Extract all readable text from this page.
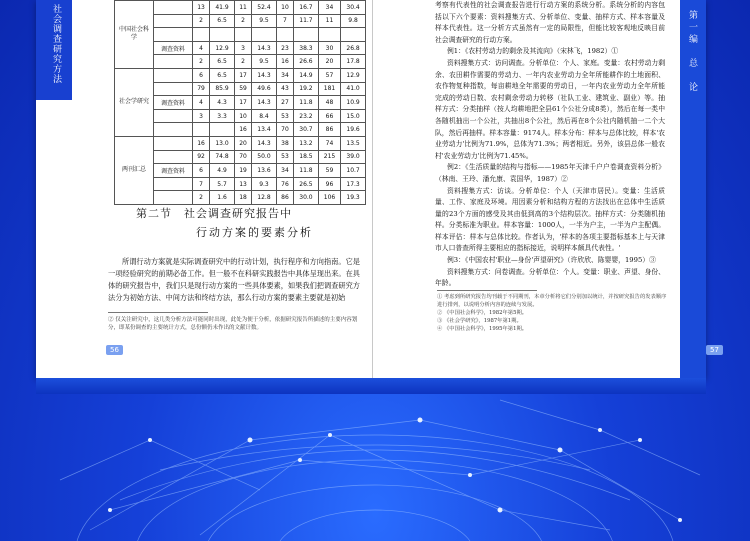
社会调查研究方法	中国社会科学		13	41.9	11	52.4	10	16.7	34	30.4
		2	6.5	2	9.5	7	11.7	11	9.8

	调查资料	4	12.9	3	14.3	23	38.3	30	26.8
		2	6.5	2	9.5	16	26.6	20	17.8
社会学研究		6	6.5	17	14.3	34	14.9	57	12.9
		79	85.9	59	49.6	43	19.2	181	41.0
	调查资料	4	4.3	17	14.3	27	11.8	48	10.9
		3	3.3	10	8.4	53	23.2	66	15.0
				16	13.4	70	30.7	86	19.6
两刊汇总		16	13.0	20	14.3	38	13.2	74	13.5
		92	74.8	70	50.0	53	18.5	215	39.0
	调查资料	6	4.9	19	13.6	34	11.8	59	10.7
		7	5.7	13	9.3	76	26.5	96	17.3
		2	1.6	18	12.8	86	30.0	106	19.3
第二节　社会调查研究报告中
行动方案的要素分析
所谓行动方案就是实际调查研究中的行动计划，执行程序和方向指南。它是一项经验研究的前期必备工作。但一般不在科研实践报告中具体呈现出来。在具体的研究报告中，我们只是现行动方案的一些具体要素，如果我们把调查研究方法分为初始方法、中间方法和终结方法，那么行动方案的要素主要就是初始
② 仅关注研究中，这几类分析方法可能同时出现，此处为便于分析，依据研究报告所描述的主要内容划分，即某份调查的主要统计方式，总份额仍未作出的文献计数。
56

考察有代表性的社会调查报告进行行动方案的系统分析。系统分析的内容包括以下六个要素：资料搜集方式、分析单位、变量、抽样方式、样本容量及样本代表性。这一分析方式虽然有一定的局限性，但能比较客观地反映目前社会调查研究的行动方案。

例1：《农村劳动力的剩余及其流向》（宋林飞，1982）①

资料搜集方式：访问调查。分析单位：个人、家庭。变量：农村劳动力剩余、农田耕作需要的劳动力、一年内农业劳动力全年所能耕作的土地面积、农作物复种指数，每亩耕地全年需要的劳动日，一年内农业劳动力全年所能完成的劳动日数、农村剩余劳动力转移（社队工业、建筑业、副业）等。抽样方式：分类抽样（按人均耕地把全县61个公社分成8类），然后在每一类中各随机抽出一个公社，共抽出8个公社，然后再在8个公社内随机抽一二个大队，然后再抽样。样本容量：9174人。样本分布：样本与总体比较，样本'农业劳动力'比例为71.9%，总体为71.3%；两者相近。另外，该县总体一般农村'农业劳动力'比例为71.45%。

例2：《生活质量的结构与指标——1985年天津千户户卷调查资料分析》（林南、王玲、潘允康、袁国华，1987）②

资料搜集方式：访谈。分析单位：个人（天津市居民）。变量：生活质量、工作、家庭及环境。用因素分析和结构方程的方法找出在总体中生活质量的23个方面的感受及其由低到高的3个结构层次。抽样方式：分类随机抽样。分类标准为职业。样本容量：1000人，一半为户主，一半为户主配偶。样本评估：样本与总体比较。作者认为，'样本的各项主要指标基本上与天津市人口普查所得主要相应的指标接近，说明样本颇具代表性。'

例3：《中国农村'职业—身份'声望研究》（许欣欣、陈婴婴，1995）③

资料搜集方式：问卷调查。分析单位：个人。变量：职业、声望、身份、年龄。

① 考虑到所研究报告均刊载于不同期刊，本章分析将它们分别加以统计，并按研究报告的发表顺序进行排列，以说明分析内容的连续与发展。
② 《中国社会科学》，1982年第5期。
③ 《社会学研究》，1987年第1期。
④ 《中国社会科学》，1995年第1期。
57
第一编　总　论
